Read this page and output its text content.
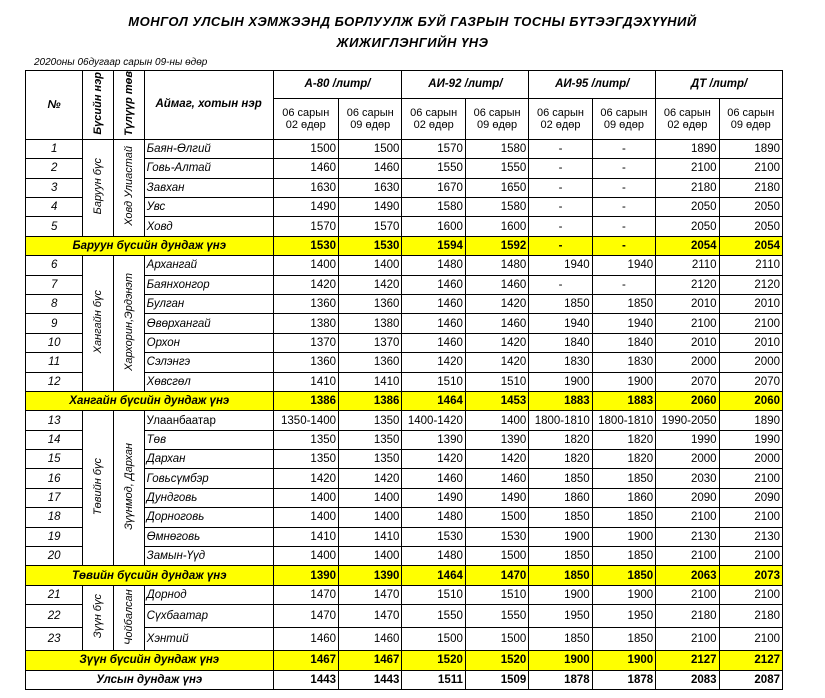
МОНГОЛ УЛСЫН ХЭМЖЭЭНД БОРЛУУЛЖ БУЙ ГАЗРЫН ТОСНЫ БҮТЭЭГДЭХҮҮНИЙ
ЖИЖИГЛЭНГИЙН ҮНЭ
2020оны 06дугаар сарын 09-ны өдөр
№	Бүсийн нэр	Түлүүр төв	Аймаг, хотын нэр	А-80 /литр/		АИ-92 /литр/		АИ-95 /литр/		ДТ /литр/	
				06 сарын 02 өдөр	06 сарын 09 өдөр	06 сарын 02 өдөр	06 сарын 09 өдөр	06 сарын 02 өдөр	06 сарын 09 өдөр	06 сарын 02 өдөр	06 сарын 09 өдөр
1	Баруун бүс	Ховд Улиастай	Баян-Өлгий	1500	1500	1570	1580	-	-	1890	1890
2			Говь-Алтай	1460	1460	1550	1550	-	-	2100	2100
3			Завхан	1630	1630	1670	1650	-	-	2180	2180
4			Увс	1490	1490	1580	1580	-	-	2050	2050
5			Ховд	1570	1570	1600	1600	-	-	2050	2050
Баруун бүсийн дундаж үнэ				1530	1530	1594	1592	-	-	2054	2054
6	Хангайн бүс	Хархорин,Эрдэнэт	Архангай	1400	1400	1480	1480	1940	1940	2110	2110
7			Баянхонгор	1420	1420	1460	1460	-	-	2120	2120
8			Булган	1360	1360	1460	1420	1850	1850	2010	2010
9			Өвөрхангай	1380	1380	1460	1460	1940	1940	2100	2100
10			Орхон	1370	1370	1460	1420	1840	1840	2010	2010
11			Сэлэнгэ	1360	1360	1420	1420	1830	1830	2000	2000
12			Хөвсгөл	1410	1410	1510	1510	1900	1900	2070	2070
Хангайн бүсийн дундаж үнэ				1386	1386	1464	1453	1883	1883	2060	2060
13	Төвийн бүс	Зүүнмод, Дархан	Улаанбаатар	1350-1400	1350	1400-1420	1400	1800-1810	1800-1810	1990-2050	1890
14			Төв	1350	1350	1390	1390	1820	1820	1990	1990
15			Дархан	1350	1350	1420	1420	1820	1820	2000	2000
16			Говьсүмбэр	1420	1420	1460	1460	1850	1850	2030	2100
17			Дундговь	1400	1400	1490	1490	1860	1860	2090	2090
18			Дорноговь	1400	1400	1480	1500	1850	1850	2100	2100
19			Өмнөговь	1410	1410	1530	1530	1900	1900	2130	2130
20			Замын-Үүд	1400	1400	1480	1500	1850	1850	2100	2100
Төвийн бүсийн дундаж үнэ				1390	1390	1464	1470	1850	1850	2063	2073
21	Зүүн бүс	Чойбалсан	Дорнод	1470	1470	1510	1510	1900	1900	2100	2100
22			Сүхбаатар	1470	1470	1550	1550	1950	1950	2180	2180
23			Хэнтий	1460	1460	1500	1500	1850	1850	2100	2100
Зүүн бүсийн дундаж үнэ				1467	1467	1520	1520	1900	1900	2127	2127
Улсын дундаж үнэ				1443	1443	1511	1509	1878	1878	2083	2087
